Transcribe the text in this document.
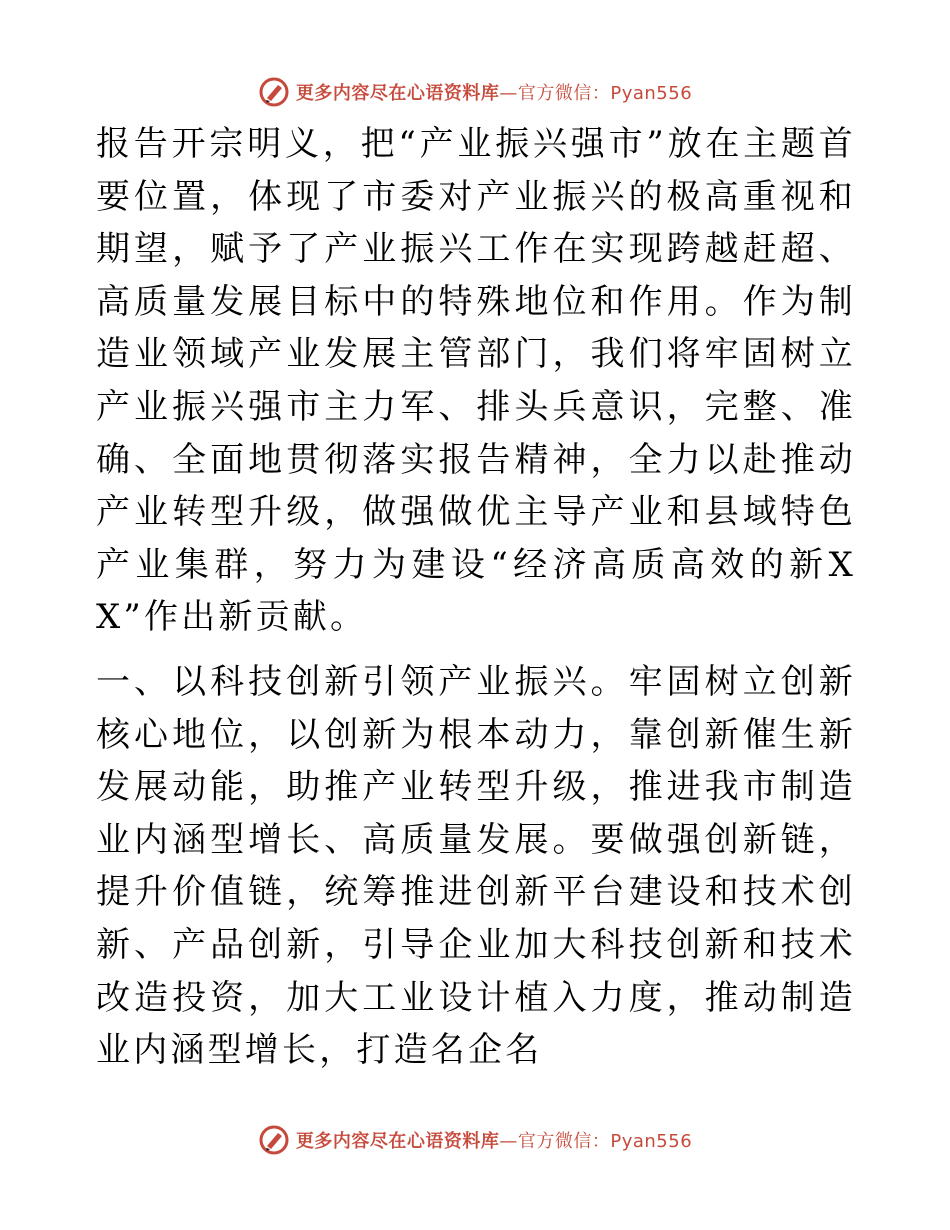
更多内容尽在心语资料库—官方微信：Pyan556

报告开宗明义，把“产业振兴强市”放在主题首要位置，体现了市委对产业振兴的极高重视和期望，赋予了产业振兴工作在实现跨越赶超、高质量发展目标中的特殊地位和作用。作为制造业领域产业发展主管部门，我们将牢固树立产业振兴强市主力军、排头兵意识，完整、准确、全面地贯彻落实报告精神，全力以赴推动产业转型升级，做强做优主导产业和县域特色产业集群，努力为建设“经济高质高效的新XX”作出新贡献。

一、以科技创新引领产业振兴。牢固树立创新核心地位，以创新为根本动力，靠创新催生新发展动能，助推产业转型升级，推进我市制造业内涵型增长、高质量发展。要做强创新链，提升价值链，统筹推进创新平台建设和技术创新、产品创新，引导企业加大科技创新和技术改造投资，加大工业设计植入力度，推动制造业内涵型增长，打造名企名

更多内容尽在心语资料库—官方微信：Pyan556
